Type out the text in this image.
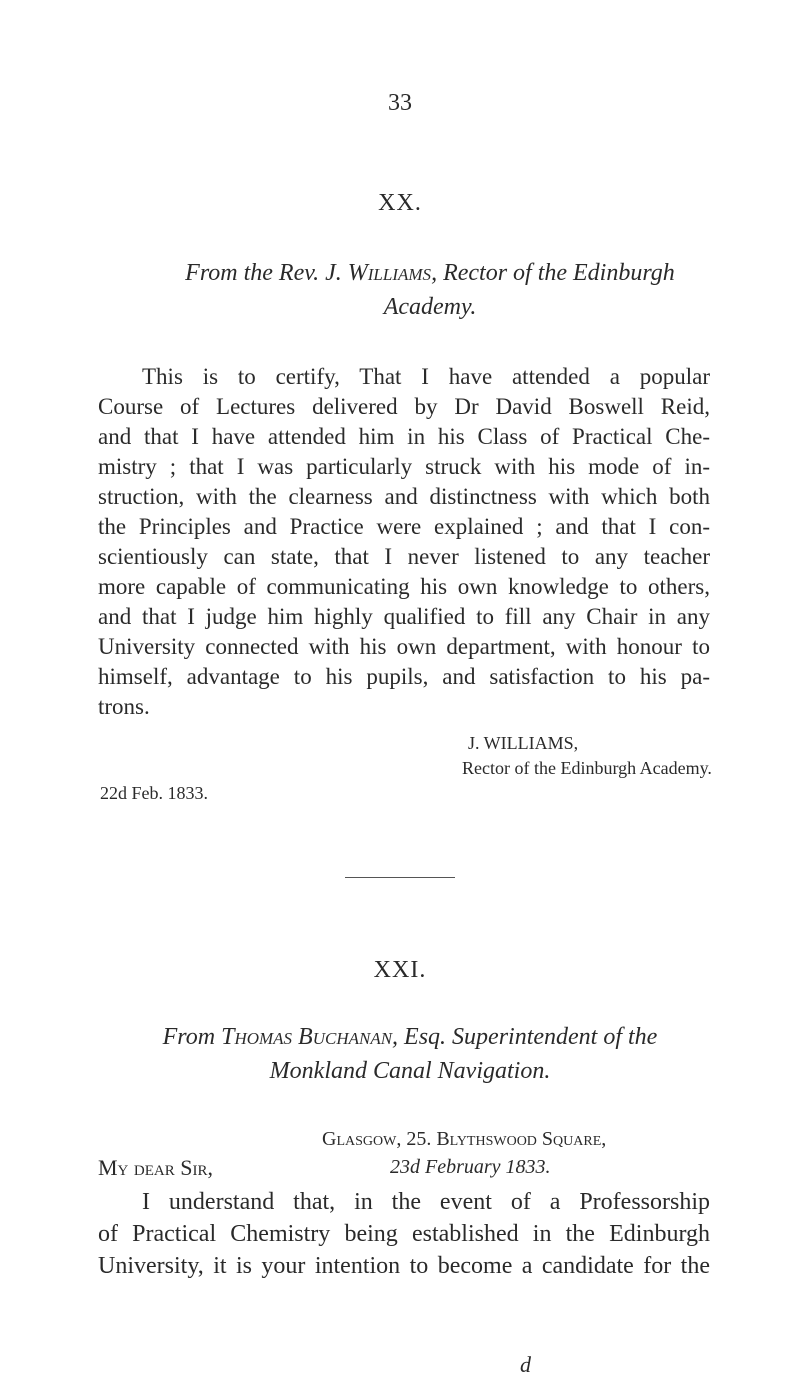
33
XX.
From the Rev. J. Williams, Rector of the Edinburgh
Academy.
This is to certify, That I have attended a popular
Course of Lectures delivered by Dr David Boswell Reid,
and that I have attended him in his Class of Practical Che-
mistry ; that I was particularly struck with his mode of in-
struction, with the clearness and distinctness with which both
the Principles and Practice were explained ; and that I con-
scientiously can state, that I never listened to any teacher
more capable of communicating his own knowledge to others,
and that I judge him highly qualified to fill any Chair in any
University connected with his own department, with honour to
himself, advantage to his pupils, and satisfaction to his pa-
trons.
J. WILLIAMS,
Rector of the Edinburgh Academy.
22d Feb. 1833.
XXI.
From Thomas Buchanan, Esq. Superintendent of the
Monkland Canal Navigation.
Glasgow, 25. Blythswood Square,
My dear Sir,	23d February 1833.
I understand that, in the event of a Professorship
of Practical Chemistry being established in the Edinburgh
University, it is your intention to become a candidate for the
d
